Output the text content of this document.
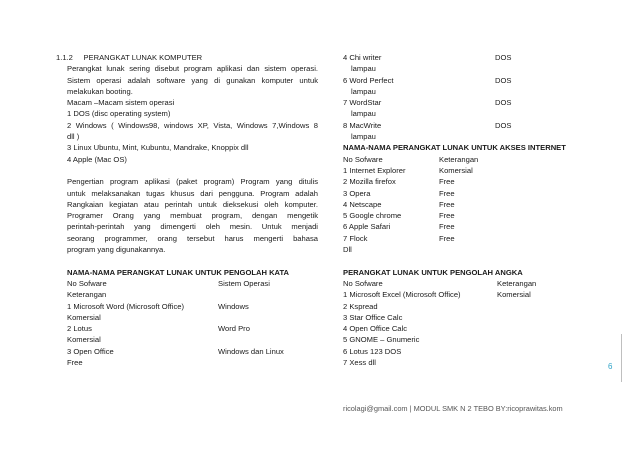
1.1.2 PERANGKAT LUNAK KOMPUTER
Perangkat lunak sering disebut program aplikasi dan sistem operasi.
Sistem operasi adalah software yang di gunakan komputer untuk
melakukan booting.
Macam –Macam sistem operasi
1 DOS (disc operating system)
2 Windows ( Windows98, windows XP, Vista, Windows 7,Windows 8
dll )
3 Linux Ubuntu, Mint, Kubuntu, Mandrake, Knoppix dll
4 Apple (Mac OS)
Pengertian program aplikasi (paket program) Program yang ditulis
untuk melaksanakan tugas khusus dari pengguna. Program adalah
Rangkaian kegiatan atau perintah untuk dieksekusi oleh komputer.
Programer Orang yang membuat program, dengan mengetik
perintah-perintah yang dimengerti oleh mesin. Untuk menjadi
seorang programmer, orang tersebut harus mengerti bahasa
program yang digunakannya.
NAMA-NAMA PERANGKAT LUNAK UNTUK PENGOLAH KATA
No Sofware	Sistem Operasi
Keterangan
1 Microsoft Word (Microsoft Office)	Windows
Komersial
2 Lotus	Word Pro
Komersial
3 Open Office	Windows dan Linux
Free
4 Chi writer	DOS
lampau
6 Word Perfect	DOS
lampau
7 WordStar	DOS
lampau
8 MacWrite	DOS
lampau
NAMA-NAMA PERANGKAT LUNAK UNTUK AKSES INTERNET
No Sofware	Keterangan
1 Internet Explorer	Komersial
2 Mozilla firefox	Free
3 Opera	Free
4 Netscape	Free
5 Google chrome	Free
6 Apple Safari	Free
7 Flock	Free
Dll
PERANGKAT LUNAK UNTUK PENGOLAH ANGKA
No Sofware	Keterangan
1 Microsoft Excel (Microsoft Office)	Komersial
2 Kspread
3 Star Office Calc
4 Open Office Calc
5 GNOME – Gnumeric
6 Lotus 123 DOS
7 Xess dll	6
ricolagi@gmail.com | MODUL SMK N 2 TEBO BY:ricoprawitas.kom
